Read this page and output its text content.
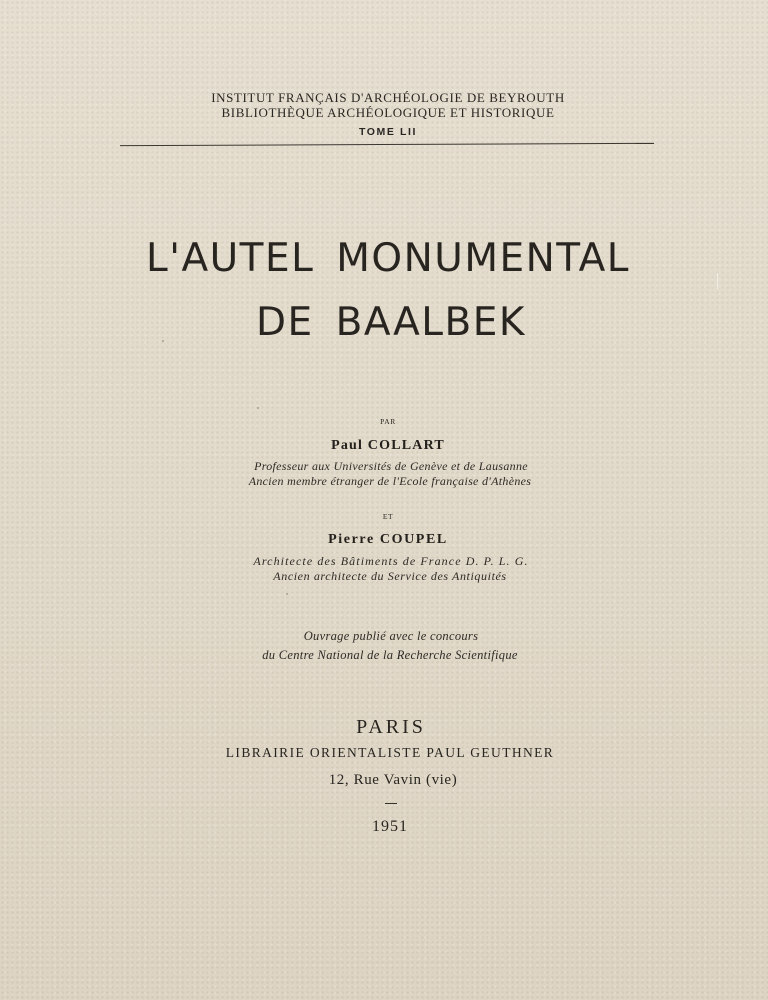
INSTITUT FRANÇAIS D'ARCHÉOLOGIE DE BEYROUTH
BIBLIOTHÈQUE ARCHÉOLOGIQUE ET HISTORIQUE
TOME LII
L'AUTEL MONUMENTAL
DE BAALBEK
PAR
Paul COLLART
Professeur aux Universités de Genève et de Lausanne
Ancien membre étranger de l'Ecole française d'Athènes
ET
Pierre COUPEL
Architecte des Bâtiments de France D. P. L. G.
Ancien architecte du Service des Antiquités
Ouvrage publié avec le concours
du Centre National de la Recherche Scientifique
PARIS
LIBRAIRIE ORIENTALISTE PAUL GEUTHNER
12, Rue Vavin (vie)
1951
